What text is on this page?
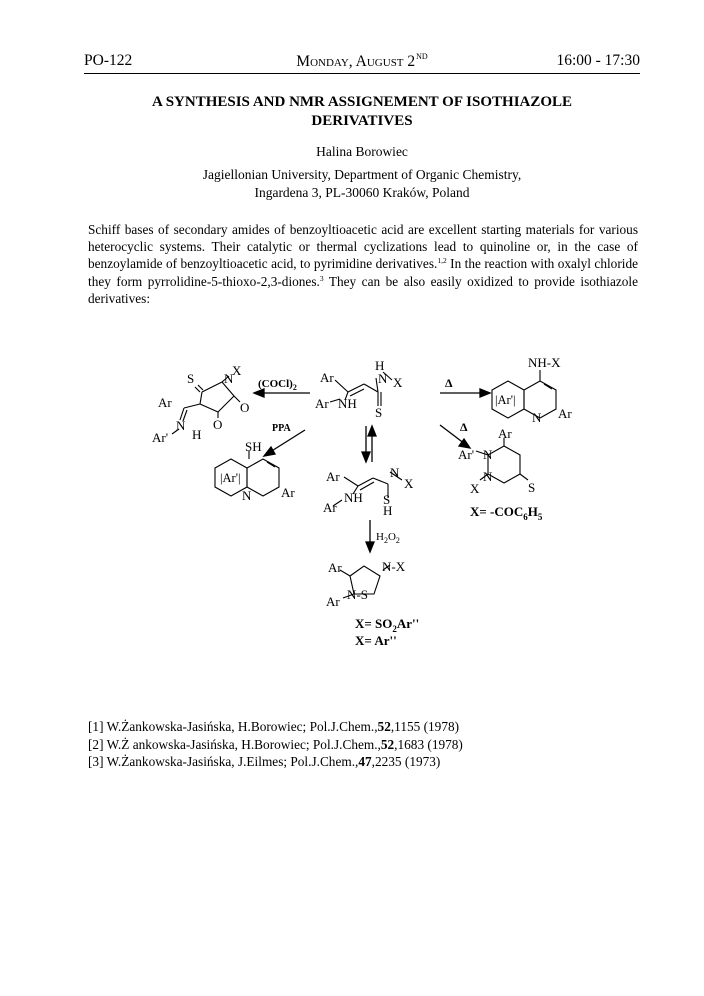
PO-122	Monday, August 2ND	16:00 - 17:30
A SYNTHESIS AND NMR ASSIGNEMENT OF ISOTHIAZOLE
DERIVATIVES
Halina Borowiec
Jagiellonian University, Department of Organic Chemistry,
Ingardena 3, PL-30060 Kraków, Poland
Schiff bases of secondary amides of benzoyltioacetic acid are excellent starting materials for various heterocyclic systems. Their catalytic or thermal cyclizations lead to quinoline or, in the case of benzoylamide of benzoyltioacetic acid, to pyrimidine derivatives.$^{1,2}$ In the reaction with oxalyl chloride they form pyrrolidine-5-thioxo-2,3-diones.$^3$ They can be also easily oxidized to provide isothiazole derivatives:
Ar
Ar NH
H
N X
S
S N
X
O
O
Ar
N
H
Ar'
|Ar'|
SH
N Ar
NH-X
|Ar'|
N Ar
Ar
Ar' N
N
X	S
Ar
NH
Ar
N
X
S
H
Ar	N-X
N-S
Ar
$(COCl)_2$
PPA
Δ
Δ
$H_2O_2$
$X= -COC_6H_5$
$X= SO_2Ar''$
X= Ar''
[1] W.Żankowska-Jasińska, H.Borowiec; Pol.J.Chem.,52,1155 (1978)
[2] W.Ż ankowska-Jasińska, H.Borowiec; Pol.J.Chem.,52,1683 (1978)
[3] W.Żankowska-Jasińska, J.Eilmes; Pol.J.Chem.,47,2235 (1973)
